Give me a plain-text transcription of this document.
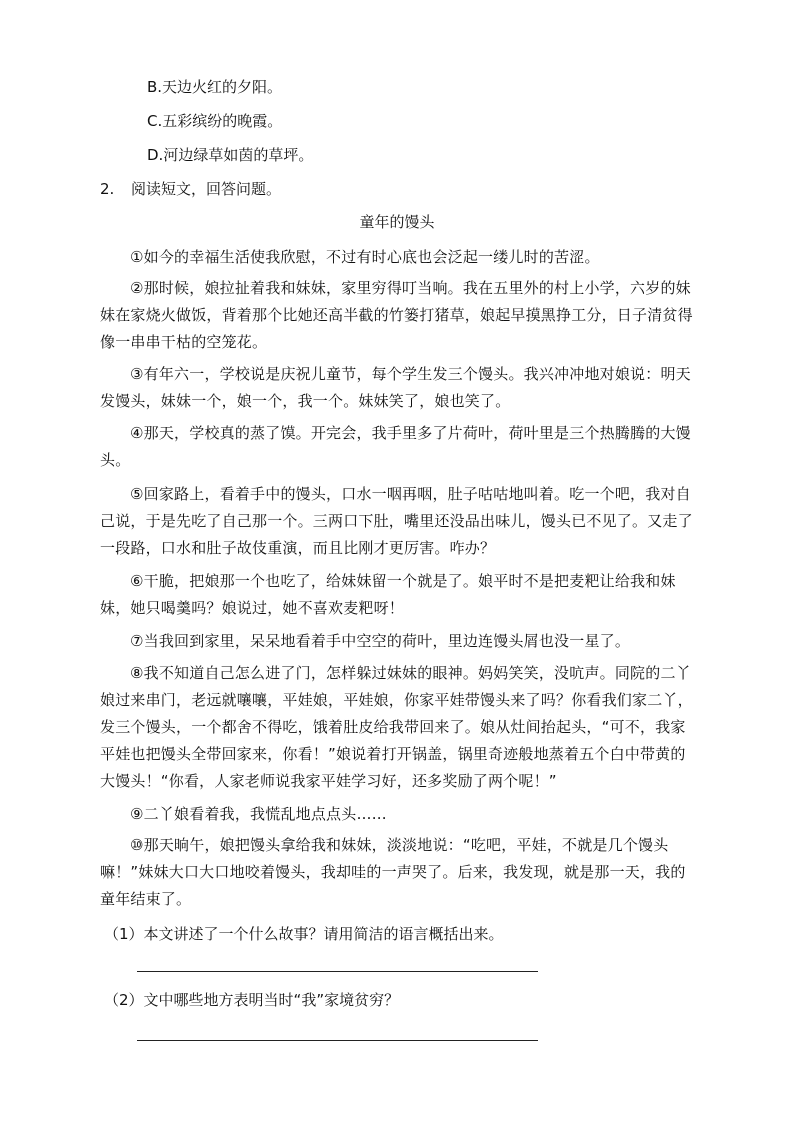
B.天边火红的夕阳。
C.五彩缤纷的晚霞。
D.河边绿草如茵的草坪。
2. 阅读短文，回答问题。
童年的馒头
①如今的幸福生活使我欣慰，不过有时心底也会泛起一缕儿时的苦涩。
②那时候，娘拉扯着我和妹妹，家里穷得叮当响。我在五里外的村上小学，六岁的妹妹在家烧火做饭，背着那个比她还高半截的竹篓打猪草，娘起早摸黑挣工分，日子清贫得像一串串干枯的空笼花。
③有年六一，学校说是庆祝儿童节，每个学生发三个馒头。我兴冲冲地对娘说：明天发馒头，妹妹一个，娘一个，我一个。妹妹笑了，娘也笑了。
④那天，学校真的蒸了馍。开完会，我手里多了片荷叶，荷叶里是三个热腾腾的大馒头。
⑤回家路上，看着手中的馒头，口水一咽再咽，肚子咕咕地叫着。吃一个吧，我对自己说，于是先吃了自己那一个。三两口下肚，嘴里还没品出味儿，馒头已不见了。又走了一段路，口水和肚子故伎重演，而且比刚才更厉害。咋办？
⑥干脆，把娘那一个也吃了，给妹妹留一个就是了。娘平时不是把麦粑让给我和妹妹，她只喝羹吗？娘说过，她不喜欢麦粑呀！
⑦当我回到家里，呆呆地看着手中空空的荷叶，里边连馒头屑也没一星了。
⑧我不知道自己怎么进了门，怎样躲过妹妹的眼神。妈妈笑笑，没吭声。同院的二丫娘过来串门，老远就嚷嚷，平娃娘，平娃娘，你家平娃带馒头来了吗？你看我们家二丫，发三个馒头，一个都舍不得吃，饿着肚皮给我带回来了。娘从灶间抬起头，“可不，我家平娃也把馒头全带回家来，你看！”娘说着打开锅盖，锅里奇迹般地蒸着五个白中带黄的大馒头！“你看，人家老师说我家平娃学习好，还多奖励了两个呢！”
⑨二丫娘看着我，我慌乱地点点头……
⑩那天晌午，娘把馒头拿给我和妹妹，淡淡地说：“吃吧，平娃，不就是几个馒头嘛！”妹妹大口大口地咬着馒头，我却哇的一声哭了。后来，我发现，就是那一天，我的童年结束了。
（1）本文讲述了一个什么故事？请用简洁的语言概括出来。
（2）文中哪些地方表明当时“我”家境贫穷？
